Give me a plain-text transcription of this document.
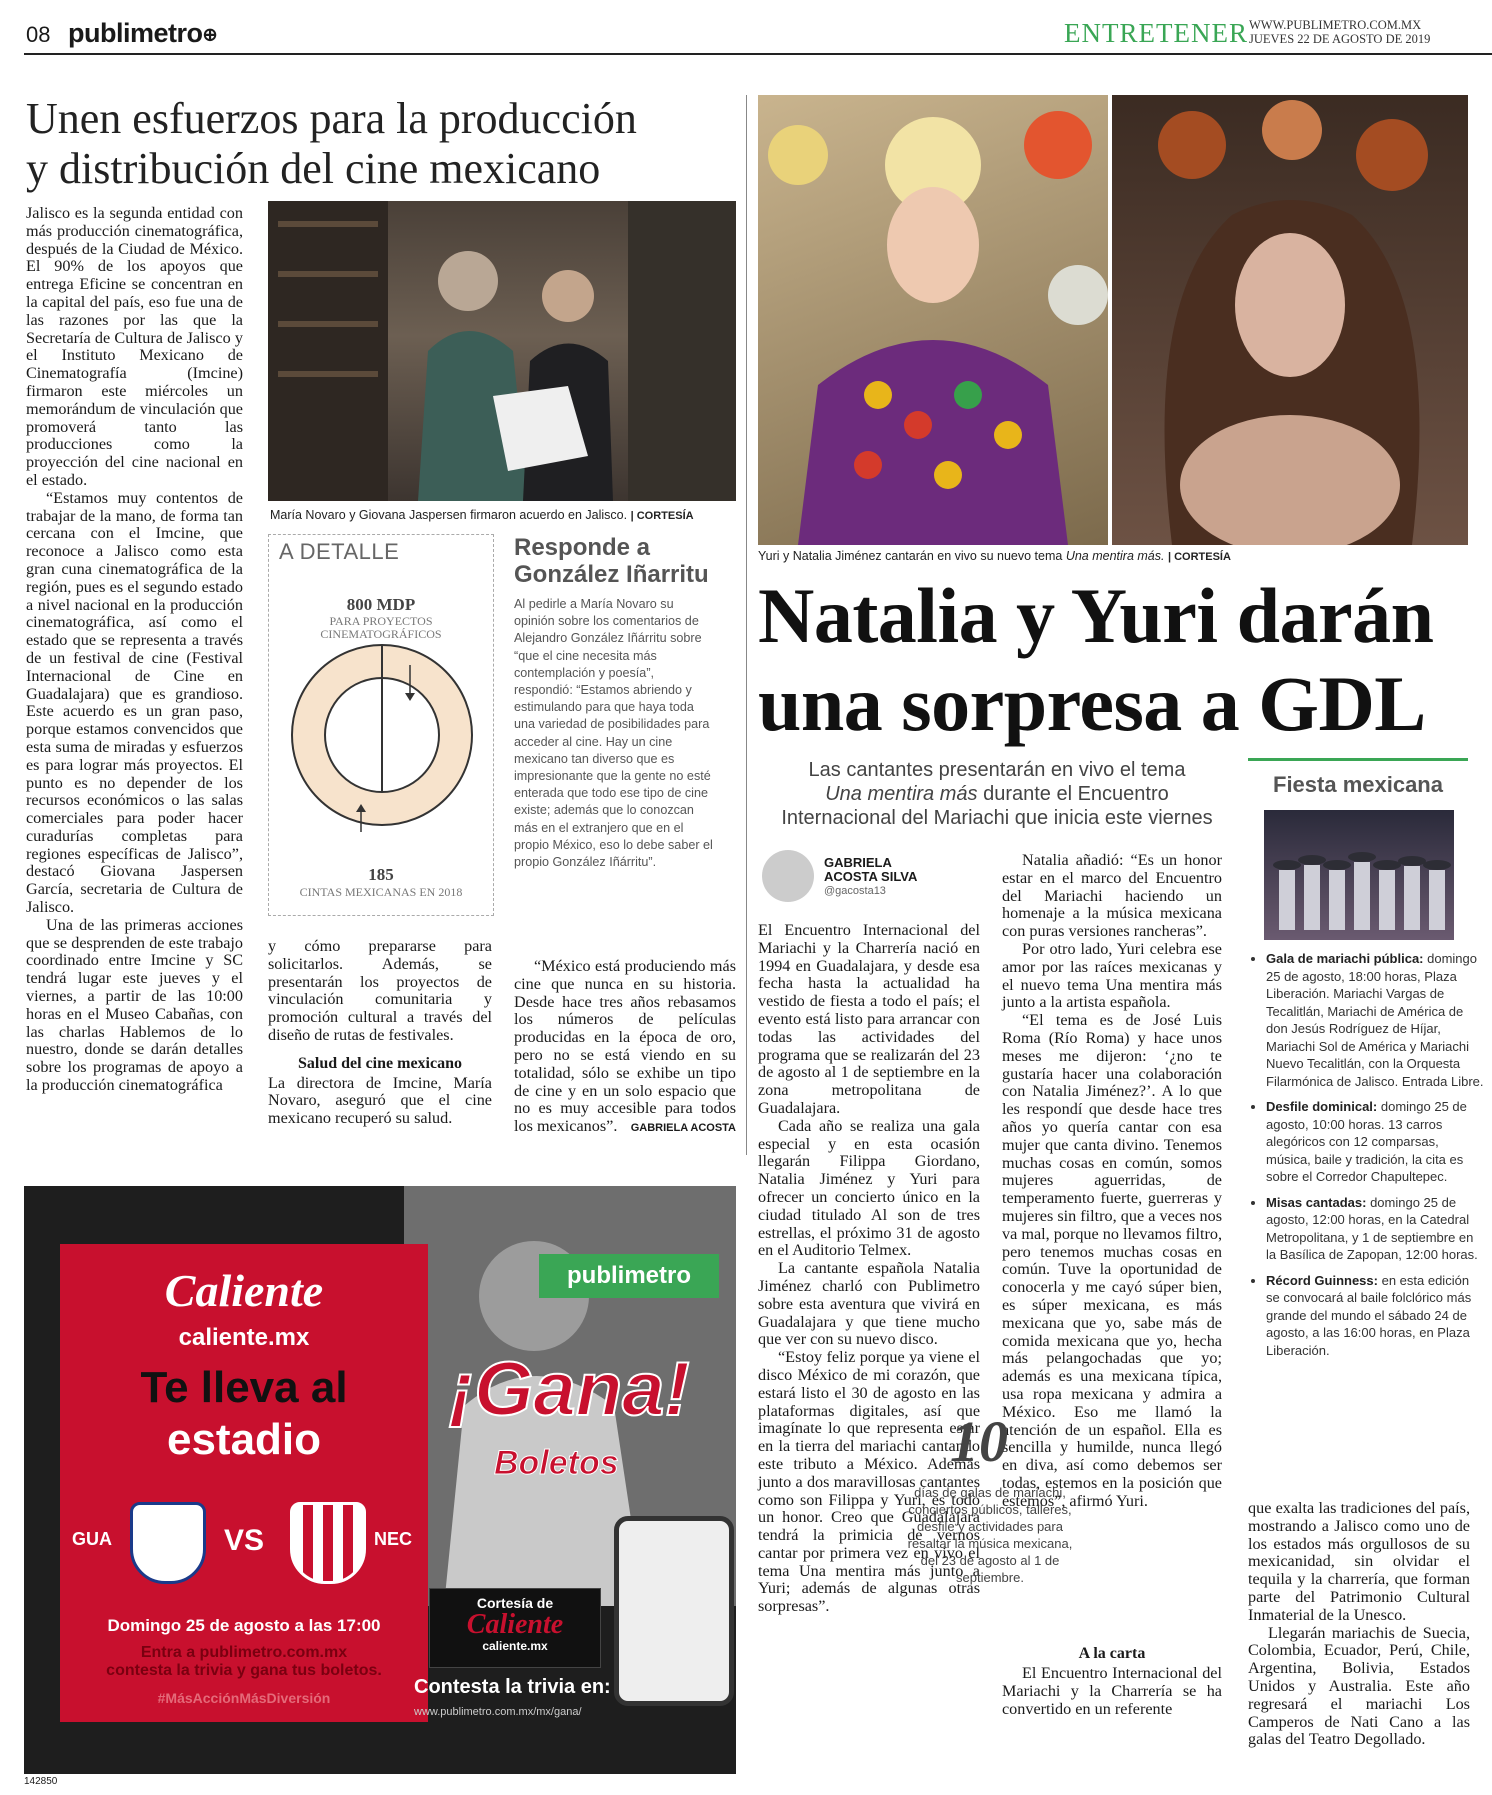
08 publimetro⊕	ENTRETENER WWW.PUBLIMETRO.COM.MX
JUEVES 22 DE AGOSTO DE 2019
Unen esfuerzos para la producción
y distribución del cine mexicano

Jalisco es la segunda entidad con más producción cinematográfica, después de la Ciudad de México. El 90% de los apoyos que entrega Eficine se concentran en la capital del país, eso fue una de las razones por las que la Secretaría de Cultura de Jalisco y el Instituto Mexicano de Cinematografía (Imcine) firmaron este miércoles un memorándum de vinculación que promoverá tanto las producciones como la proyección del cine nacional en el estado.

“Estamos muy contentos de trabajar de la mano, de forma tan cercana con el Imcine, que reconoce a Jalisco como esta gran cuna cinematográfica de la región, pues es el segundo estado a nivel nacional en la producción cinematográfica, así como el estado que se representa a través de un festival de cine (Festival Internacional de Cine en Guadalajara) que es grandioso. Este acuerdo es un gran paso, porque estamos convencidos que esta suma de miradas y esfuerzos es para lograr más proyectos. El punto es no depender de los recursos económicos o las salas comerciales para poder hacer curadurías completas para regiones específicas de Jalisco”, destacó Giovana Jaspersen García, secretaria de Cultura de Jalisco.

Una de las primeras acciones que se desprenden de este trabajo coordinado entre Imcine y SC tendrá lugar este jueves y el viernes, a partir de las 10:00 horas en el Museo Cabañas, con las charlas Hablemos de lo nuestro, donde se darán detalles sobre los programas de apoyo a la producción cinematográfica

María Novaro y Giovana Jaspersen firmaron acuerdo en Jalisco. | CORTESÍA
A DETALLE
800 MDP
PARA PROYECTOS
CINEMATOGRÁFICOS
185
CINTAS MEXICANAS EN 2018
Responde a
González Iñarritu

Al pedirle a María Novaro su opinión sobre los comentarios de Alejandro González Iñárritu sobre “que el cine necesita más contemplación y poesía”, respondió: “Estamos abriendo y estimulando para que haya toda una variedad de posibilidades para acceder al cine. Hay un cine mexicano tan diverso que es impresionante que la gente no esté enterada que todo ese tipo de cine existe; además que lo conozcan más en el extranjero que en el propio México, eso lo debe saber el propio González Iñárritu”.

y cómo prepararse para solicitarlos. Además, se presentarán los proyectos de vinculación comunitaria y promoción cultural a través del diseño de rutas de festivales.

Salud del cine mexicano

La directora de Imcine, María Novaro, aseguró que el cine mexicano recuperó su salud.

“México está produciendo más cine que nunca en su historia. Desde hace tres años rebasamos los números de películas producidas en la época de oro, pero no se está viendo en su totalidad, sólo se exhibe un tipo de cine y en un solo espacio que no es muy accesible para todos los mexicanos”.	GABRIELA ACOSTA
publimetro
Caliente
caliente.mx
Te lleva al
estadio
GUA	VS	NEC
Domingo 25 de agosto a las 17:00
Entra a publimetro.com.mx
contesta la trivia y gana tus boletos.
#MásAcciónMásDiversión
¡Gana!
Boletos
Cortesía de
Caliente
caliente.mx
Contesta la trivia en:
www.publimetro.com.mx/mx/gana/
142850
Yuri y Natalia Jiménez cantarán en vivo su nuevo tema Una mentira más. | CORTESÍA
Natalia y Yuri darán
una sorpresa a GDL
Las cantantes presentarán en vivo el tema
Una mentira más durante el Encuentro
Internacional del Mariachi que inicia este viernes
GABRIELA
ACOSTA SILVA
@gacosta13

El Encuentro Internacional del Mariachi y la Charrería nació en 1994 en Guadalajara, y desde esa fecha hasta la actualidad ha vestido de fiesta a todo el país; el evento está listo para arrancar con todas las actividades del programa que se realizarán del 23 de agosto al 1 de septiembre en la zona metropolitana de Guadalajara.

Cada año se realiza una gala especial y en esta ocasión llegarán Filippa Giordano, Natalia Jiménez y Yuri para ofrecer un concierto único en la ciudad titulado Al son de tres estrellas, el próximo 31 de agosto en el Auditorio Telmex.

La cantante española Natalia Jiménez charló con Publimetro sobre esta aventura que vivirá en Guadalajara y que tiene mucho que ver con su nuevo disco.

“Estoy feliz porque ya viene el disco México de mi corazón, que estará listo el 30 de agosto en las plataformas digitales, así que imagínate lo que representa estar en la tierra del mariachi cantando este tributo a México. Además junto a dos maravillosas cantantes como son Filippa y Yuri, es todo un honor. Creo que Guadalajara tendrá la primicia de vernos cantar por primera vez en vivo el tema Una mentira más junto a Yuri; además de algunas otras sorpresas”.

Natalia añadió: “Es un honor estar en el marco del Encuentro del Mariachi haciendo un homenaje a la música mexicana con puras versiones rancheras”.

Por otro lado, Yuri celebra ese amor por las raíces mexicanas y el nuevo tema Una mentira más junto a la artista española.

“El tema es de José Luis Roma (Río Roma) y hace unos meses me dijeron: ‘¿no te gustaría hacer una colaboración con Natalia Jiménez?’. A lo que les respondí que desde hace tres años yo quería cantar con esa mujer que canta divino. Tenemos muchas cosas en común, somos mujeres aguerridas, de temperamento fuerte, guerreras y mujeres sin filtro, que a veces nos va mal, porque no llevamos filtro, pero tenemos muchas cosas en común. Tuve la oportunidad de conocerla y me cayó súper bien, es súper mexicana, es más mexicana que yo, sabe más de comida mexicana que yo, hecha más pelangochadas que yo; además es una mexicana típica, usa ropa mexicana y admira a México. Eso me llamó la atención de un español. Ella es sencilla y humilde, nunca llegó en diva, así como debemos ser todas, estemos en la posición que estemos”, afirmó Yuri.

A la carta

El Encuentro Internacional del Mariachi y la Charrería se ha convertido en un referente

10
días de galas de mariachi, conciertos públicos, talleres, desfile y actividades para resaltar la música mexicana, del 23 de agosto al 1 de septiembre.

que exalta las tradiciones del país, mostrando a Jalisco como uno de los estados más orgullosos de su mexicanidad, sin olvidar el tequila y la charrería, que forman parte del Patrimonio Cultural Inmaterial de la Unesco.

Llegarán mariachis de Suecia, Colombia, Ecuador, Perú, Chile, Argentina, Bolivia, Estados Unidos y Australia. Este año regresará el mariachi Los Camperos de Nati Cano a las galas del Teatro Degollado.

Fiesta mexicana
• Gala de mariachi pública: domingo 25 de agosto, 18:00 horas, Plaza Liberación. Mariachi Vargas de Tecalitlán, Mariachi de América de don Jesús Rodríguez de Híjar, Mariachi Sol de América y Mariachi Nuevo Tecalitlán, con la Orquesta Filarmónica de Jalisco. Entrada Libre.
• Desfile dominical: domingo 25 de agosto, 10:00 horas. 13 carros alegóricos con 12 comparsas, música, baile y tradición, la cita es sobre el Corredor Chapultepec.
• Misas cantadas: domingo 25 de agosto, 12:00 horas, en la Catedral Metropolitana, y 1 de septiembre en la Basílica de Zapopan, 12:00 horas.
• Récord Guinness: en esta edición se convocará al baile folclórico más grande del mundo el sábado 24 de agosto, a las 16:00 horas, en Plaza Liberación.
